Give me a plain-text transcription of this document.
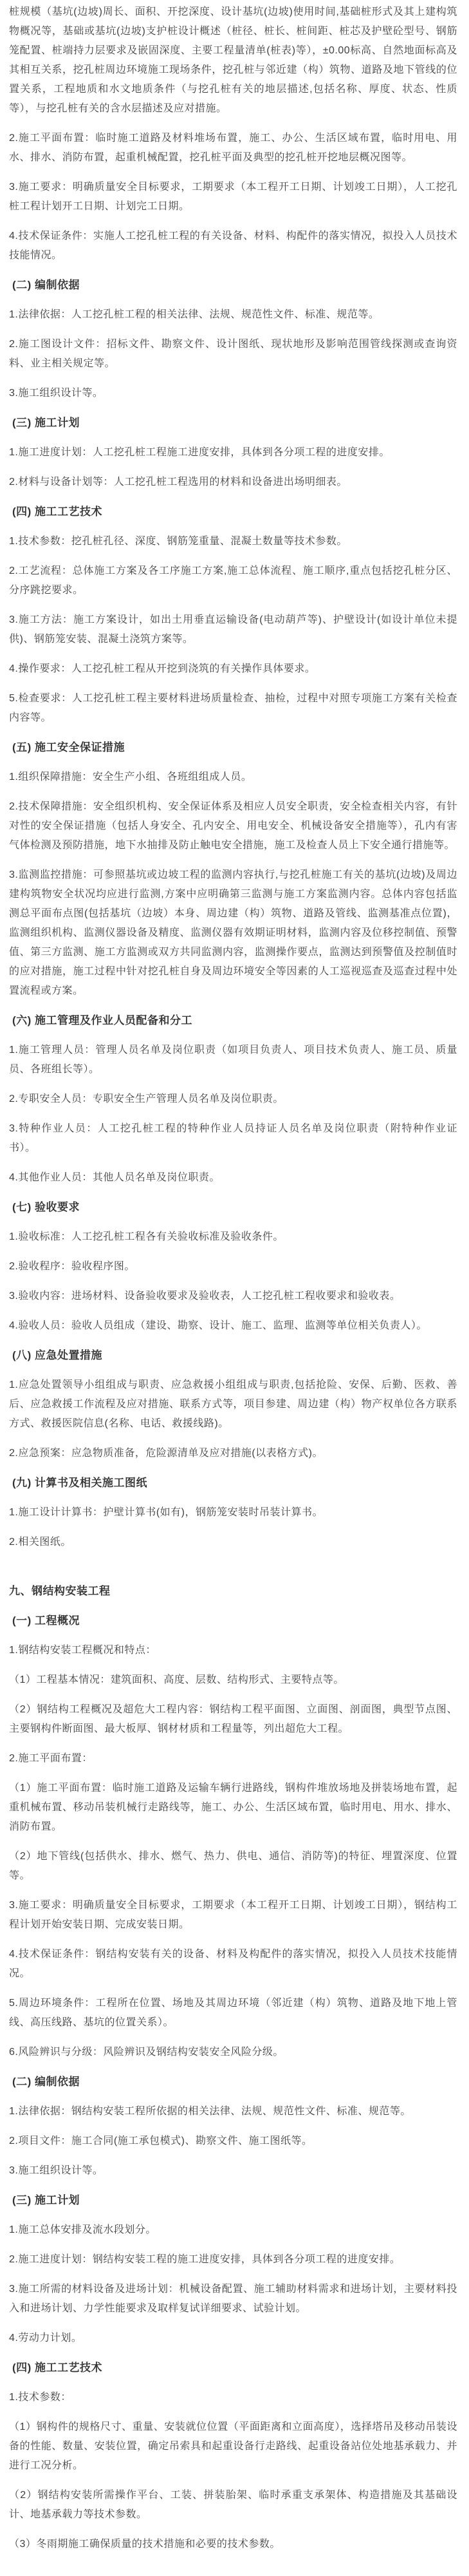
桩规模（基坑(边坡)周长、面积、开挖深度、设计基坑(边坡)使用时间,基础桩形式及其上建构筑物概况等，基础或基坑(边坡)支护桩设计概述（桩径、桩长、桩间距、桩芯及护壁砼型号、钢筋笼配置、桩端持力层要求及嵌固深度、主要工程量清单(桩表)等），±0.00标高、自然地面标高及其相互关系，挖孔桩周边环境施工现场条件，挖孔桩与邻近建（构）筑物、道路及地下管线的位置关系，工程地质和水文地质条件（与挖孔桩有关的地层描述,包括名称、厚度、状态、性质等），与挖孔桩有关的含水层描述及应对措施。

2.施工平面布置：临时施工道路及材料堆场布置，施工、办公、生活区域布置，临时用电、用水、排水、消防布置，起重机械配置，挖孔桩平面及典型的挖孔桩开挖地层概况图等。

3.施工要求：明确质量安全目标要求，工期要求（本工程开工日期、计划竣工日期），人工挖孔桩工程计划开工日期、计划完工日期。

4.技术保证条件：实施人工挖孔桩工程的有关设备、材料、构配件的落实情况，拟投入人员技术技能情况。

(二) 编制依据

1.法律依据：人工挖孔桩工程的相关法律、法规、规范性文件、标准、规范等。

2.施工图设计文件：招标文件、勘察文件、设计图纸、现状地形及影响范围管线探测或查询资料、业主相关规定等。

3.施工组织设计等。

(三) 施工计划

1.施工进度计划：人工挖孔桩工程施工进度安排，具体到各分项工程的进度安排。

2.材料与设备计划等：人工挖孔桩工程选用的材料和设备进出场明细表。

(四) 施工工艺技术

1.技术参数：挖孔桩孔径、深度、钢筋笼重量、混凝土数量等技术参数。

2.工艺流程：总体施工方案及各工序施工方案,施工总体流程、施工顺序,重点包括挖孔桩分区、分序跳挖要求。

3.施工方法：施工方案设计，如出土用垂直运输设备(电动葫芦等)、护壁设计(如设计单位未提供)、钢筋笼安装、混凝土浇筑方案等。

4.操作要求：人工挖孔桩工程从开挖到浇筑的有关操作具体要求。

5.检查要求：人工挖孔桩工程主要材料进场质量检查、抽检，过程中对照专项施工方案有关检查内容等。

(五) 施工安全保证措施

1.组织保障措施：安全生产小组、各班组组成人员。

2.技术保障措施：安全组织机构、安全保证体系及相应人员安全职责，安全检查相关内容，有针对性的安全保证措施（包括人身安全、孔内安全、用电安全、机械设备安全措施等），孔内有害气体检测及预防措施，地下水抽排及防止触电安全措施，施工及检查人员上下安全通行措施等。

3.监测监控措施：可参照基坑或边坡工程的监测内容执行,与挖孔桩施工有关的基坑(边坡)及周边建构筑物安全状况均应进行监测,方案中应明确第三监测与施工方案监测内容。总体内容包括监测总平面布点图(包括基坑（边坡）本身、周边建（构）筑物、道路及管线、监测基准点位置)，监测组织机构、监测仪器设备及精度、监测仪器有效期证明材料，监测内容及位移控制值、预警值、第三方监测、施工方监测或双方共同监测内容，监测操作要点，监测达到预警值及控制值时的应对措施，施工过程中针对挖孔桩自身及周边环境安全等因素的人工巡视巡查及巡查过程中处置流程或方案。

(六) 施工管理及作业人员配备和分工

1.施工管理人员：管理人员名单及岗位职责（如项目负责人、项目技术负责人、施工员、质量员、各班组长等）。

2.专职安全人员：专职安全生产管理人员名单及岗位职责。

3.特种作业人员：人工挖孔桩工程的特种作业人员持证人员名单及岗位职责（附特种作业证书）。

4.其他作业人员：其他人员名单及岗位职责。

(七) 验收要求

1.验收标准：人工挖孔桩工程各有关验收标准及验收条件。

2.验收程序：验收程序图。

3.验收内容：进场材料、设备验收要求及验收表，人工挖孔桩工程收要求和验收表。

4.验收人员：验收人员组成（建设、勘察、设计、施工、监理、监测等单位相关负责人）。

(八) 应急处置措施

1.应急处置领导小组组成与职责、应急救援小组组成与职责,包括抢险、安保、后勤、医救、善后、应急救援工作流程及应对措施、联系方式等，项目参建、周边建（构）物产权单位各方联系方式、救援医院信息(名称、电话、救援线路)。

2.应急预案：应急物质准备，危险源清单及应对措施(以表格方式)。

(九) 计算书及相关施工图纸

1.施工设计计算书：护壁计算书(如有)，钢筋笼安装时吊装计算书。

2.相关图纸。

九、钢结构安装工程
(一) 工程概况

1.钢结构安装工程概况和特点：

（1）工程基本情况：建筑面积、高度、层数、结构形式、主要特点等。

（2）钢结构工程概况及超危大工程内容：钢结构工程平面图、立面图、剖面图，典型节点图、主要钢构件断面图、最大板厚、钢材材质和工程量等，列出超危大工程。

2.施工平面布置：

（1）施工平面布置：临时施工道路及运输车辆行进路线，钢构件堆放场地及拼装场地布置，起重机械布置、移动吊装机械行走路线等，施工、办公、生活区域布置，临时用电、用水、排水、消防布置。

（2）地下管线(包括供水、排水、燃气、热力、供电、通信、消防等)的特征、埋置深度、位置等。

3.施工要求：明确质量安全目标要求，工期要求（本工程开工日期、计划竣工日期），钢结构工程计划开始安装日期、完成安装日期。

4.技术保证条件：钢结构安装有关的设备、材料及构配件的落实情况，拟投入人员技术技能情况。

5.周边环境条件：工程所在位置、场地及其周边环境（邻近建（构）筑物、道路及地下地上管线、高压线路、基坑的位置关系）。

6.风险辨识与分级：风险辨识及钢结构安装安全风险分级。

(二) 编制依据

1.法律依据：钢结构安装工程所依据的相关法律、法规、规范性文件、标准、规范等。

2.项目文件：施工合同(施工承包模式)、勘察文件、施工图纸等。

3.施工组织设计等。

(三) 施工计划

1.施工总体安排及流水段划分。

2.施工进度计划：钢结构安装工程的施工进度安排，具体到各分项工程的进度安排。

3.施工所需的材料设备及进场计划：机械设备配置、施工辅助材料需求和进场计划，主要材料投入和进场计划、力学性能要求及取样复试详细要求、试验计划。

4.劳动力计划。

(四) 施工工艺技术

1.技术参数：

（1）钢构件的规格尺寸、重量、安装就位位置（平面距离和立面高度），选择塔吊及移动吊装设备的性能、数量、安装位置，确定吊索具和起重设备行走路线、起重设备站位处地基承载力、并进行工况分析。

（2）钢结构安装所需操作平台、工装、拼装胎架、临时承重支承架体、构造措施及其基础设计、地基承载力等技术参数。

（3）冬雨期施工确保质量的技术措施和必要的技术参数。
